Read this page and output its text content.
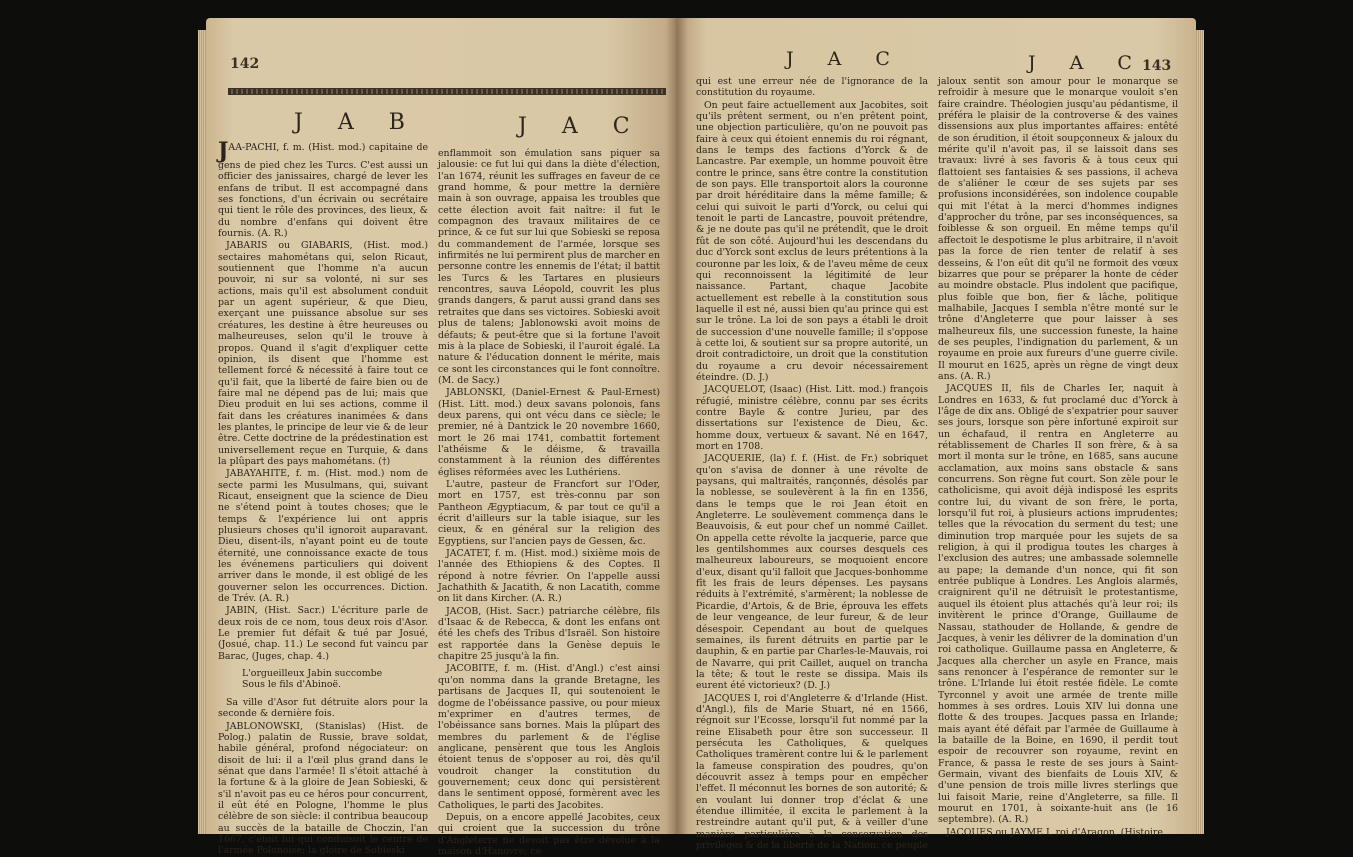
142
J A B	J A C

JAA-PACHI, f. m. (Hist. mod.) capitaine de gens de pied chez les Turcs. C'est aussi un officier des janissaires, chargé de lever les enfans de tribut. Il est accompagné dans ses fonctions, d'un écrivain ou secrétaire qui tient le rôle des provinces, des lieux, & du nombre d'enfans qui doivent être fournis. (A. R.)

JABARIS ou GIABARIS, (Hist. mod.) sectaires mahométans qui, selon Ricaut, soutiennent que l'homme n'a aucun pouvoir, ni sur sa volonté, ni sur ses actions, mais qu'il est absolument conduit par un agent supérieur, & que Dieu, exerçant une puissance absolue sur ses créatures, les destine à être heureuses ou malheureuses, selon qu'il le trouve à propos. Quand il s'agit d'expliquer cette opinion, ils disent que l'homme est tellement forcé & nécessité à faire tout ce qu'il fait, que la liberté de faire bien ou de faire mal ne dépend pas de lui; mais que Dieu produit en lui ses actions, comme il fait dans les créatures inanimées & dans les plantes, le principe de leur vie & de leur être. Cette doctrine de la prédestination est universellement reçue en Turquie, & dans la plûpart des pays mahométans. (†)

JABAYAHITE, f. m. (Hist. mod.) nom de secte parmi les Musulmans, qui, suivant Ricaut, enseignent que la science de Dieu ne s'étend point à toutes choses; que le temps & l'expérience lui ont appris plusieurs choses qu'il ignoroit auparavant. Dieu, disent-ils, n'ayant point eu de toute éternité, une connoissance exacte de tous les événemens particuliers qui doivent arriver dans le monde, il est obligé de les gouverner selon les occurrences. Diction. de Trév. (A. R.)

JABIN, (Hist. Sacr.) L'écriture parle de deux rois de ce nom, tous deux rois d'Asor. Le premier fut défait & tué par Josué, (Josué, chap. 11.) Le second fut vaincu par Barac, (Juges, chap. 4.)

L'orgueilleux Jabin succombe

Sous le fils d'Abinoë.

Sa ville d'Asor fut détruite alors pour la seconde & dernière fois.

JABLONOWSKI, (Stanislas) (Hist. de Polog.) palatin de Russie, brave soldat, habile général, profond négociateur: on disoit de lui: il a l'œil plus grand dans le sénat que dans l'armée! Il s'étoit attaché à la fortune & à la gloire de Jean Sobieski, & s'il n'avoit pas eu ce héros pour concurrent, il eût été en Pologne, l'homme le plus célèbre de son siècle: il contribua beaucoup au succès de la bataille de Choczin, l'an 1667, c'étoit lui qui conduisoit le centre de l'armée Polonoise; la gloire de Sobieski

enflammoit son émulation sans piquer sa jalousie: ce fut lui qui dans la diète d'élection, l'an 1674, réunit les suffrages en faveur de ce grand homme, & pour mettre la dernière main à son ouvrage, appaisa les troubles que cette élection avoit fait naître: il fut le compagnon des travaux militaires de ce prince, & ce fut sur lui que Sobieski se reposa du commandement de l'armée, lorsque ses infirmités ne lui permirent plus de marcher en personne contre les ennemis de l'état; il battit les Turcs & les Tartares en plusieurs rencontres, sauva Léopold, couvrit les plus grands dangers, & parut aussi grand dans ses retraites que dans ses victoires. Sobieski avoit plus de talens; Jablonowski avoit moins de défauts; & peut-être que si la fortune l'avoit mis à la place de Sobieski, il l'auroit égalé. La nature & l'éducation donnent le mérite, mais ce sont les circonstances qui le font connoître. (M. de Sacy.)

JABLONSKI, (Daniel-Ernest & Paul-Ernest) (Hist. Litt. mod.) deux savans polonois, fans deux parens, qui ont vécu dans ce siècle; le premier, né à Dantzick le 20 novembre 1660, mort le 26 mai 1741, combattit fortement l'athéisme & le déisme, & travailla constamment à la réunion des différentes églises réformées avec les Luthériens.

L'autre, pasteur de Francfort sur l'Oder, mort en 1757, est très-connu par son Pantheon Ægyptiacum, & par tout ce qu'il a écrit d'ailleurs sur la table isiaque, sur les cieux, & en général sur la religion des Egyptiens, sur l'ancien pays de Gessen, &c.

JACATET, f. m. (Hist. mod.) sixième mois de l'année des Ethiopiens & des Coptes. Il répond à notre février. On l'appelle aussi Jachathith & Jacatith, & non Lacatith, comme on lit dans Kircher. (A. R.)

JACOB, (Hist. Sacr.) patriarche célèbre, fils d'Isaac & de Rebecca, & dont les enfans ont été les chefs des Tribus d'Israël. Son histoire est rapportée dans la Genèse depuis le chapitre 25 jusqu'à la fin.

JACOBITE, f. m. (Hist. d'Angl.) c'est ainsi qu'on nomma dans la grande Bretagne, les partisans de Jacques II, qui soutenoient le dogme de l'obéissance passive, ou pour mieux m'exprimer en d'autres termes, de l'obéissance sans bornes. Mais la plûpart des membres du parlement & de l'église anglicane, pensèrent que tous les Anglois étoient tenus de s'opposer au roi, dès qu'il voudroit changer la constitution du gouvernement; ceux donc qui persistèrent dans le sentiment opposé, formèrent avec les Catholiques, le parti des Jacobites.

Depuis, on a encore appellé Jacobites, ceux qui croient que la succession du trône d'Angleterre ne devoit pas être dévolue à la maison d'Hanovre; ce

143
J A C	J A C

qui est une erreur née de l'ignorance de la constitution du royaume.

On peut faire actuellement aux Jacobites, soit qu'ils prêtent serment, ou n'en prêtent point, une objection particulière, qu'on ne pouvoit pas faire à ceux qui étoient ennemis du roi régnant, dans le temps des factions d'Yorck & de Lancastre. Par exemple, un homme pouvoit être contre le prince, sans être contre la constitution de son pays. Elle transportoit alors la couronne par droit héréditaire dans la même famille; & celui qui suivoit le parti d'Yorck, ou celui qui tenoit le parti de Lancastre, pouvoit prétendre, & je ne doute pas qu'il ne prétendît, que le droit fût de son côté. Aujourd'hui les descendans du duc d'Yorck sont exclus de leurs prétentions à la couronne par les loix, & de l'aveu même de ceux qui reconnoissent la légitimité de leur naissance. Partant, chaque Jacobite actuellement est rebelle à la constitution sous laquelle il est né, aussi bien qu'au prince qui est sur le trône. La loi de son pays a établi le droit de succession d'une nouvelle famille; il s'oppose à cette loi, & soutient sur sa propre autorité, un droit contradictoire, un droit que la constitution du royaume a cru devoir nécessairement éteindre. (D. J.)

JACQUELOT, (Isaac) (Hist. Litt. mod.) françois réfugié, ministre célèbre, connu par ses écrits contre Bayle & contre Jurieu, par des dissertations sur l'existence de Dieu, &c. homme doux, vertueux & savant. Né en 1647, mort en 1708.

JACQUERIE, (la) f. f. (Hist. de Fr.) sobriquet qu'on s'avisa de donner à une révolte de paysans, qui maltraités, rançonnés, désolés par la noblesse, se soulevèrent à la fin en 1356, dans le temps que le roi Jean étoit en Angleterre. Le soulèvement commença dans le Beauvoisis, & eut pour chef un nommé Caillet. On appella cette révolte la jacquerie, parce que les gentilshommes aux courses desquels ces malheureux laboureurs, se moquoient encore d'eux, disant qu'il falloit que Jacques-bonhomme fît les frais de leurs dépenses. Les paysans réduits à l'extrémité, s'armèrent; la noblesse de Picardie, d'Artois, & de Brie, éprouva les effets de leur vengeance, de leur fureur, & de leur désespoir. Cependant au bout de quelques semaines, ils furent détruits en partie par le dauphin, & en partie par Charles-le-Mauvais, roi de Navarre, qui prit Caillet, auquel on trancha la tête; & tout le reste se dissipa. Mais ils eurent été victorieux? (D. J.)

JACQUES I, roi d'Angleterre & d'Irlande (Hist. d'Angl.), fils de Marie Stuart, né en 1566, régnoit sur l'Ecosse, lorsqu'il fut nommé par la reine Elisabeth pour être son successeur. Il persécuta les Catholiques, & quelques Catholiques tramèrent contre lui & le parlement la fameuse conspiration des poudres, qu'on découvrit assez à temps pour en empêcher l'effet. Il méconnut les bornes de son autorité; & en voulant lui donner trop d'éclat & une étendue illimitée, il excita le parlement à la restreindre autant qu'il put, & à veiller d'une manière particulière à la conservation des privilèges & de la liberté de la Nation: ce peuple

jaloux sentit son amour pour le monarque se refroidir à mesure que le monarque vouloit s'en faire craindre. Théologien jusqu'au pédantisme, il préféra le plaisir de la controverse & des vaines dissensions aux plus importantes affaires: entêté de son érudition, il étoit soupçonneux & jaloux du mérite qu'il n'avoit pas, il se laissoit dans ses travaux: livré à ses favoris & à tous ceux qui flattoient ses fantaisies & ses passions, il acheva de s'aliéner le cœur de ses sujets par ses profusions inconsidérées, son indolence coupable qui mit l'état à la merci d'hommes indignes d'approcher du trône, par ses inconséquences, sa foiblesse & son orgueil. En même temps qu'il affectoit le despotisme le plus arbitraire, il n'avoit pas la force de rien tenter de relatif à ses desseins, & l'on eût dit qu'il ne formoit des vœux bizarres que pour se préparer la honte de céder au moindre obstacle. Plus indolent que pacifique, plus foible que bon, fier & lâche, politique malhabile, Jacques I sembla n'être monté sur le trône d'Angleterre que pour laisser à ses malheureux fils, une succession funeste, la haine de ses peuples, l'indignation du parlement, & un royaume en proie aux fureurs d'une guerre civile. Il mourut en 1625, après un règne de vingt deux ans. (A. R.)

JACQUES II, fils de Charles Ier, naquit à Londres en 1633, & fut proclamé duc d'Yorck à l'âge de dix ans. Obligé de s'expatrier pour sauver ses jours, lorsque son père infortuné expiroit sur un échafaud, il rentra en Angleterre au rétablissement de Charles II son frère, & à sa mort il monta sur le trône, en 1685, sans aucune acclamation, aux moins sans obstacle & sans concurrens. Son règne fut court. Son zèle pour le catholicisme, qui avoit déjà indisposé les esprits contre lui, du vivant de son frère, le porta, lorsqu'il fut roi, à plusieurs actions imprudentes; telles que la révocation du serment du test; une diminution trop marquée pour les sujets de sa religion, à qui il prodigua toutes les charges à l'exclusion des autres; une ambassade solemnelle au pape; la demande d'un nonce, qui fit son entrée publique à Londres. Les Anglois alarmés, craignirent qu'il ne détruisît le protestantisme, auquel ils étoient plus attachés qu'à leur roi; ils invitèrent le prince d'Orange, Guillaume de Nassau, stathouder de Hollande, & gendre de Jacques, à venir les délivrer de la domination d'un roi catholique. Guillaume passa en Angleterre, & Jacques alla chercher un asyle en France, mais sans renoncer à l'espérance de remonter sur le trône. L'Irlande lui étoit restée fidèle. Le comte Tyrconnel y avoit une armée de trente mille hommes à ses ordres. Louis XIV lui donna une flotte & des troupes. Jacques passa en Irlande; mais ayant été défait par l'armée de Guillaume à la bataille de la Boine, en 1690, il perdit tout espoir de recouvrer son royaume, revint en France, & passa le reste de ses jours à Saint-Germain, vivant des bienfaits de Louis XIV, & d'une pension de trois mille livres sterlings que lui faisoit Marie, reine d'Angleterre, sa fille. Il mourut en 1701, à soixante-huit ans (le 16 septembre). (A. R.)

JACQUES ou JAYME I, roi d'Aragon, (Histoire
